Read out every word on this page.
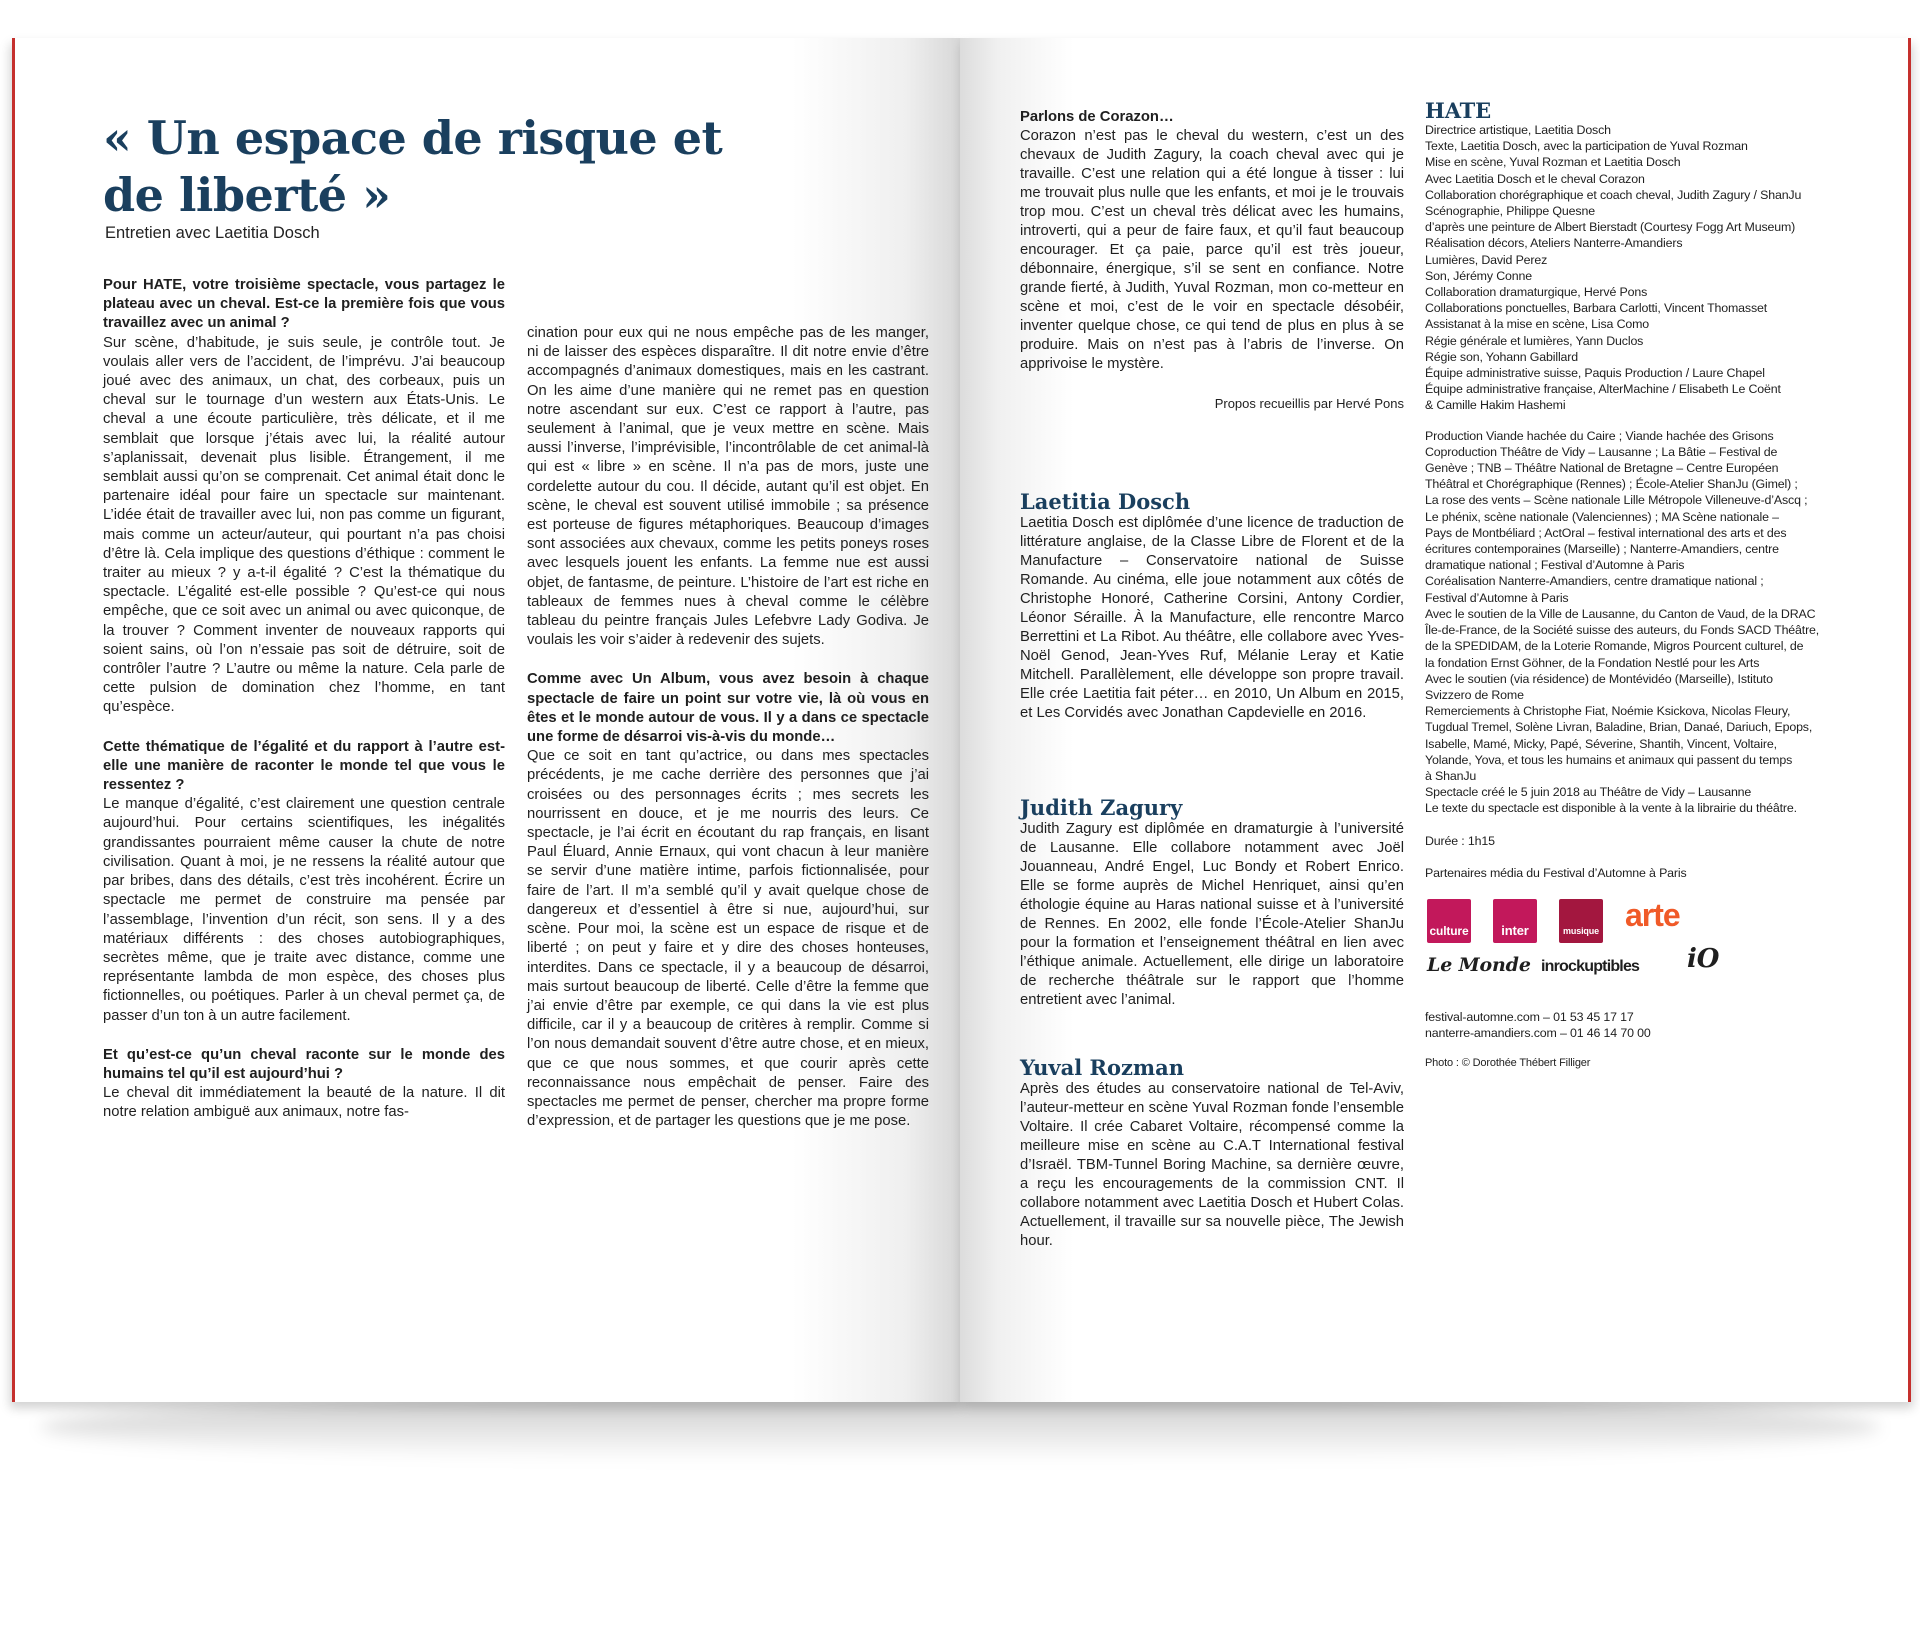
« Un espace de risque et de liberté »
Entretien avec Laetitia Dosch

Pour HATE, votre troisième spectacle, vous partagez le plateau avec un cheval. Est-ce la première fois que vous travaillez avec un animal ?

Sur scène, d’habitude, je suis seule, je contrôle tout. Je voulais aller vers de l’accident, de l’imprévu. J’ai beaucoup joué avec des animaux, un chat, des corbeaux, puis un cheval sur le tournage d’un western aux États-Unis. Le cheval a une écoute particulière, très délicate, et il me semblait que lorsque j’étais avec lui, la réalité autour s’aplanissait, devenait plus lisible. Étrangement, il me semblait aussi qu’on se comprenait. Cet animal était donc le partenaire idéal pour faire un spectacle sur maintenant. L’idée était de travailler avec lui, non pas comme un figurant, mais comme un acteur/auteur, qui pourtant n’a pas choisi d’être là. Cela implique des questions d’éthique : comment le traiter au mieux ? y a-t-il égalité ? C’est la thématique du spectacle. L’égalité est-elle possible ? Qu’est-ce qui nous empêche, que ce soit avec un animal ou avec quiconque, de la trouver ? Comment inventer de nouveaux rapports qui soient sains, où l’on n’essaie pas soit de détruire, soit de contrôler l’autre ? L’autre ou même la nature. Cela parle de cette pulsion de domination chez l’homme, en tant qu’espèce.

Cette thématique de l’égalité et du rapport à l’autre est-elle une manière de raconter le monde tel que vous le ressentez ?

Le manque d’égalité, c’est clairement une question centrale aujourd’hui. Pour certains scientifiques, les inégalités grandissantes pourraient même causer la chute de notre civilisation. Quant à moi, je ne ressens la réalité autour que par bribes, dans des détails, c’est très incohérent. Écrire un spectacle me permet de construire ma pensée par l’assemblage, l’invention d’un récit, son sens. Il y a des matériaux différents : des choses autobiographiques, secrètes même, que je traite avec distance, comme une représentante lambda de mon espèce, des choses plus fictionnelles, ou poétiques. Parler à un cheval permet ça, de passer d’un ton à un autre facilement.

Et qu’est-ce qu’un cheval raconte sur le monde des humains tel qu’il est aujourd’hui ?

Le cheval dit immédiatement la beauté de la nature. Il dit notre relation ambiguë aux animaux, notre fas-

cination pour eux qui ne nous empêche pas de les manger, ni de laisser des espèces disparaître. Il dit notre envie d’être accompagnés d’animaux domestiques, mais en les castrant. On les aime d’une manière qui ne remet pas en question notre ascendant sur eux. C’est ce rapport à l’autre, pas seulement à l’animal, que je veux mettre en scène. Mais aussi l’inverse, l’imprévisible, l’incontrôlable de cet animal-là qui est « libre » en scène. Il n’a pas de mors, juste une cordelette autour du cou. Il décide, autant qu’il est objet. En scène, le cheval est souvent utilisé immobile ; sa présence est porteuse de figures métaphoriques. Beaucoup d’images sont associées aux chevaux, comme les petits poneys roses avec lesquels jouent les enfants. La femme nue est aussi objet, de fantasme, de peinture. L’histoire de l’art est riche en tableaux de femmes nues à cheval comme le célèbre tableau du peintre français Jules Lefebvre Lady Godiva. Je voulais les voir s’aider à redevenir des sujets.

Comme avec Un Album, vous avez besoin à chaque spectacle de faire un point sur votre vie, là où vous en êtes et le monde autour de vous. Il y a dans ce spectacle une forme de désarroi vis-à-vis du monde…

Que ce soit en tant qu’actrice, ou dans mes spectacles précédents, je me cache derrière des personnes que j’ai croisées ou des personnages écrits ; mes secrets les nourrissent en douce, et je me nourris des leurs. Ce spectacle, je l’ai écrit en écoutant du rap français, en lisant Paul Éluard, Annie Ernaux, qui vont chacun à leur manière se servir d’une matière intime, parfois fictionnalisée, pour faire de l’art. Il m’a semblé qu’il y avait quelque chose de dangereux et d’essentiel à être si nue, aujourd’hui, sur scène. Pour moi, la scène est un espace de risque et de liberté ; on peut y faire et y dire des choses honteuses, interdites. Dans ce spectacle, il y a beaucoup de désarroi, mais surtout beaucoup de liberté. Celle d’être la femme que j’ai envie d’être par exemple, ce qui dans la vie est plus difficile, car il y a beaucoup de critères à remplir. Comme si l’on nous demandait souvent d’être autre chose, et en mieux, que ce que nous sommes, et que courir après cette reconnaissance nous empêchait de penser. Faire des spectacles me permet de penser, chercher ma propre forme d’expression, et de partager les questions que je me pose.

Parlons de Corazon…

Corazon n’est pas le cheval du western, c’est un des chevaux de Judith Zagury, la coach cheval avec qui je travaille. C’est une relation qui a été longue à tisser : lui me trouvait plus nulle que les enfants, et moi je le trouvais trop mou. C’est un cheval très délicat avec les humains, introverti, qui a peur de faire faux, et qu’il faut beaucoup encourager. Et ça paie, parce qu’il est très joueur, débonnaire, énergique, s’il se sent en confiance. Notre grande fierté, à Judith, Yuval Rozman, mon co-metteur en scène et moi, c’est de le voir en spectacle désobéir, inventer quelque chose, ce qui tend de plus en plus à se produire. Mais on n’est pas à l’abris de l’inverse. On apprivoise le mystère.

Propos recueillis par Hervé Pons

Laetitia Dosch

Laetitia Dosch est diplômée d’une licence de traduction de littérature anglaise, de la Classe Libre de Florent et de la Manufacture – Conservatoire national de Suisse Romande. Au cinéma, elle joue notamment aux côtés de Christophe Honoré, Catherine Corsini, Antony Cordier, Léonor Séraille. À la Manufacture, elle rencontre Marco Berrettini et La Ribot. Au théâtre, elle collabore avec Yves-Noël Genod, Jean-Yves Ruf, Mélanie Leray et Katie Mitchell. Parallèlement, elle développe son propre travail. Elle crée Laetitia fait péter… en 2010, Un Album en 2015, et Les Corvidés avec Jonathan Capdevielle en 2016.

Judith Zagury

Judith Zagury est diplômée en dramaturgie à l’université de Lausanne. Elle collabore notamment avec Joël Jouanneau, André Engel, Luc Bondy et Robert Enrico. Elle se forme auprès de Michel Henriquet, ainsi qu’en éthologie équine au Haras national suisse et à l’université de Rennes. En 2002, elle fonde l’École-Atelier ShanJu pour la formation et l’enseignement théâtral en lien avec l’éthique animale. Actuellement, elle dirige un laboratoire de recherche théâtrale sur le rapport que l’homme entretient avec l’animal.

Yuval Rozman

Après des études au conservatoire national de Tel-Aviv, l’auteur-metteur en scène Yuval Rozman fonde l’ensemble Voltaire. Il crée Cabaret Voltaire, récompensé comme la meilleure mise en scène au C.A.T International festival d’Israël. TBM-Tunnel Boring Machine, sa dernière œuvre, a reçu les encouragements de la commission CNT. Il collabore notamment avec Laetitia Dosch et Hubert Colas. Actuellement, il travaille sur sa nouvelle pièce, The Jewish hour.

HATE

Directrice artistique, Laetitia Dosch
Texte, Laetitia Dosch, avec la participation de Yuval Rozman
Mise en scène, Yuval Rozman et Laetitia Dosch
Avec Laetitia Dosch et le cheval Corazon
Collaboration chorégraphique et coach cheval, Judith Zagury / ShanJu
Scénographie, Philippe Quesne
d’après une peinture de Albert Bierstadt (Courtesy Fogg Art Museum)
Réalisation décors, Ateliers Nanterre-Amandiers
Lumières, David Perez
Son, Jérémy Conne
Collaboration dramaturgique, Hervé Pons
Collaborations ponctuelles, Barbara Carlotti, Vincent Thomasset
Assistanat à la mise en scène, Lisa Como
Régie générale et lumières, Yann Duclos
Régie son, Yohann Gabillard
Équipe administrative suisse, Paquis Production / Laure Chapel
Équipe administrative française, AlterMachine / Elisabeth Le Coënt
& Camille Hakim Hashemi
Production Viande hachée du Caire ; Viande hachée des Grisons
Coproduction Théâtre de Vidy – Lausanne ; La Bâtie – Festival de
Genève ; TNB – Théâtre National de Bretagne – Centre Européen
Théâtral et Chorégraphique (Rennes) ; École-Atelier ShanJu (Gimel) ;
La rose des vents – Scène nationale Lille Métropole Villeneuve-d’Ascq ;
Le phénix, scène nationale (Valenciennes) ; MA Scène nationale –
Pays de Montbéliard ; ActOral – festival international des arts et des
écritures contemporaines (Marseille) ; Nanterre-Amandiers, centre
dramatique national ; Festival d’Automne à Paris
Coréalisation Nanterre-Amandiers, centre dramatique national ;
Festival d’Automne à Paris
Avec le soutien de la Ville de Lausanne, du Canton de Vaud, de la DRAC
Île-de-France, de la Société suisse des auteurs, du Fonds SACD Théâtre,
de la SPEDIDAM, de la Loterie Romande, Migros Pourcent culturel, de
la fondation Ernst Göhner, de la Fondation Nestlé pour les Arts
Avec le soutien (via résidence) de Montévidéo (Marseille), Istituto
Svizzero de Rome
Remerciements à Christophe Fiat, Noémie Ksickova, Nicolas Fleury,
Tugdual Tremel, Solène Livran, Baladine, Brian, Danaé, Dariuch, Epops,
Isabelle, Mamé, Micky, Papé, Séverine, Shantih, Vincent, Voltaire,
Yolande, Yova, et tous les humains et animaux qui passent du temps
à ShanJu
Spectacle créé le 5 juin 2018 au Théâtre de Vidy – Lausanne
Le texte du spectacle est disponible à la vente à la librairie du théâtre.
Durée : 1h15
Partenaires média du Festival d’Automne à Paris
culture	inter	musique arte
Le Monde inrockuptibles iO
festival-automne.com – 01 53 45 17 17
nanterre-amandiers.com – 01 46 14 70 00
Photo : © Dorothée Thébert Filliger
